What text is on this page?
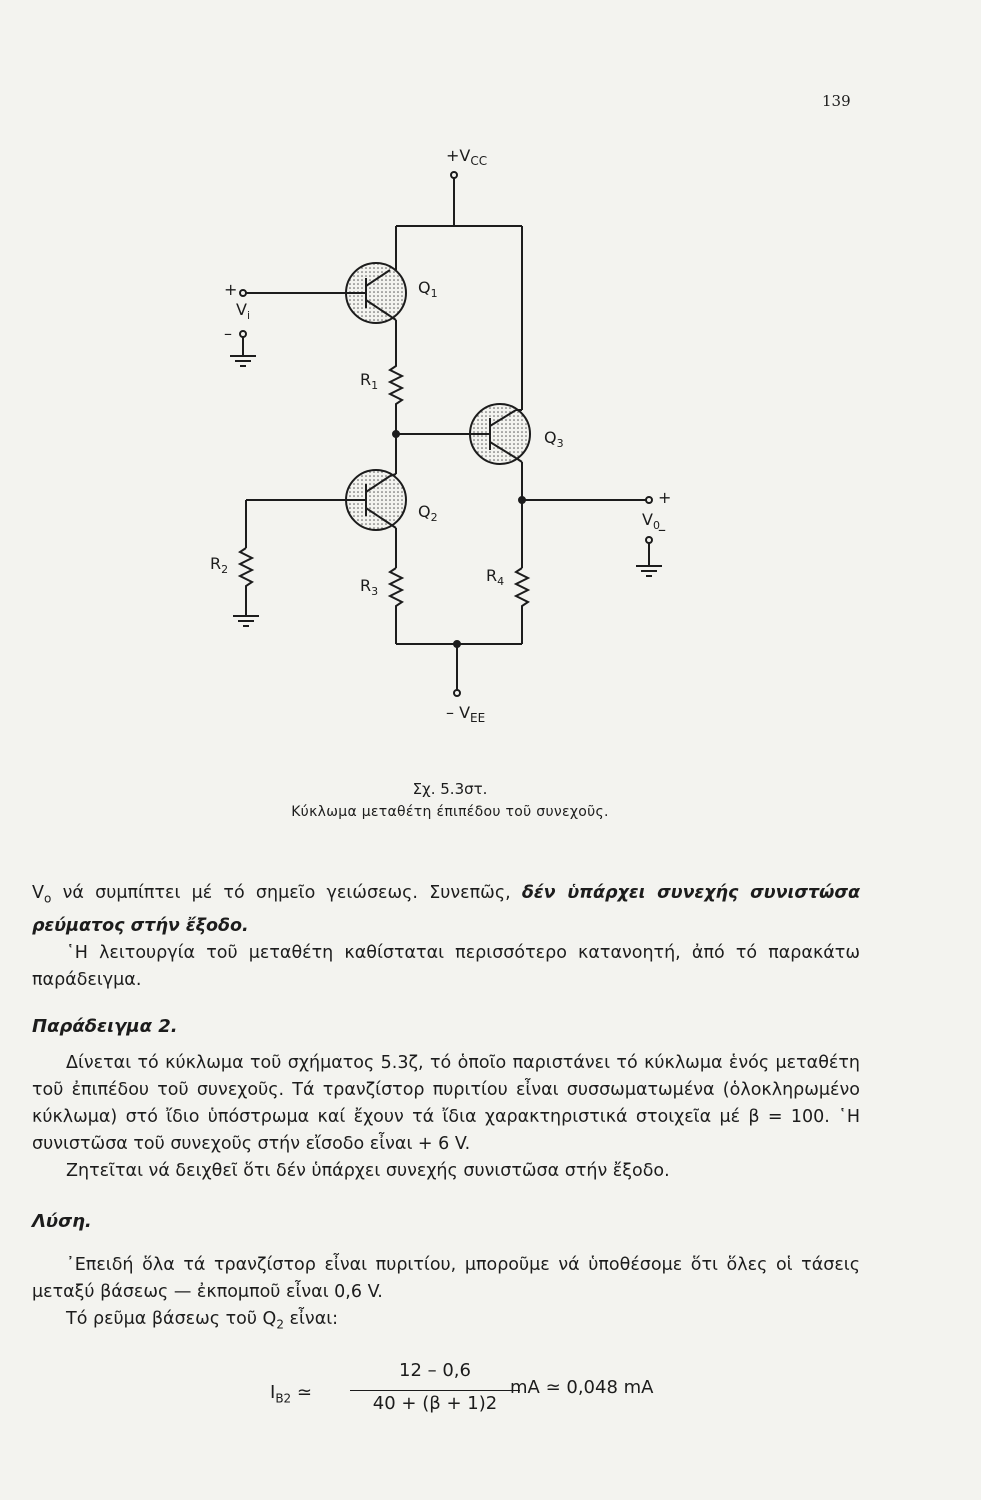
139
$+V_{CC}$
– $V_{EE}$
+
–
$V_i$
$Q_1$
$Q_2$
$Q_3$
$R_1$
$R_2$
$R_3$
$R_4$
+
$V_0$
–
Σχ. 5.3στ.
Κύκλωμα μεταθέτη έπιπέδου τοῦ συνεχοῦς.
$V_o$ νά συμπίπτει μέ τό σημεῖο γειώσεως. Συνεπῶς, δέν ὑπάρχει συνεχής συνιστώσα ρεύματος στήν ἔξοδο.
῾Η λειτουργία τοῦ μεταθέτη καθίσταται περισσότερο κατανοητή, ἀπό τό παρακάτω παράδειγμα.
Παράδειγμα 2.
Δίνεται τό κύκλωμα τοῦ σχήματος 5.3ζ, τό ὁποῖο παριστάνει τό κύκλωμα ἑνός μεταθέτη τοῦ ἐπιπέδου τοῦ συνεχοῦς. Τά τρανζίστορ πυριτίου εἶναι συσσωματωμένα (ὁλοκληρωμένο κύκλωμα) στό ἴδιο ὑπόστρωμα καί ἔχουν τά ἴδια χαρακτηριστικά στοιχεῖα μέ β = 100. ῾Η συνιστῶσα τοῦ συνεχοῦς στήν εἴσοδο εἶναι + 6 V.
Ζητεῖται νά δειχθεῖ ὅτι δέν ὑπάρχει συνεχής συνιστῶσα στήν ἔξοδο.
Λύση.
᾿Επειδή ὅλα τά τρανζίστορ εἶναι πυριτίου, μποροῦμε νά ὑποθέσομε ὅτι ὅλες οἱ τάσεις μεταξύ βάσεως — ἐκπομποῦ εἶναι 0,6 V.
Τό ρεῦμα βάσεως τοῦ $Q_2$ εἶναι:
$I_{B2}$ ≃
12 – 0,6
40 + (β + 1)2
mA ≃ 0,048 mA
